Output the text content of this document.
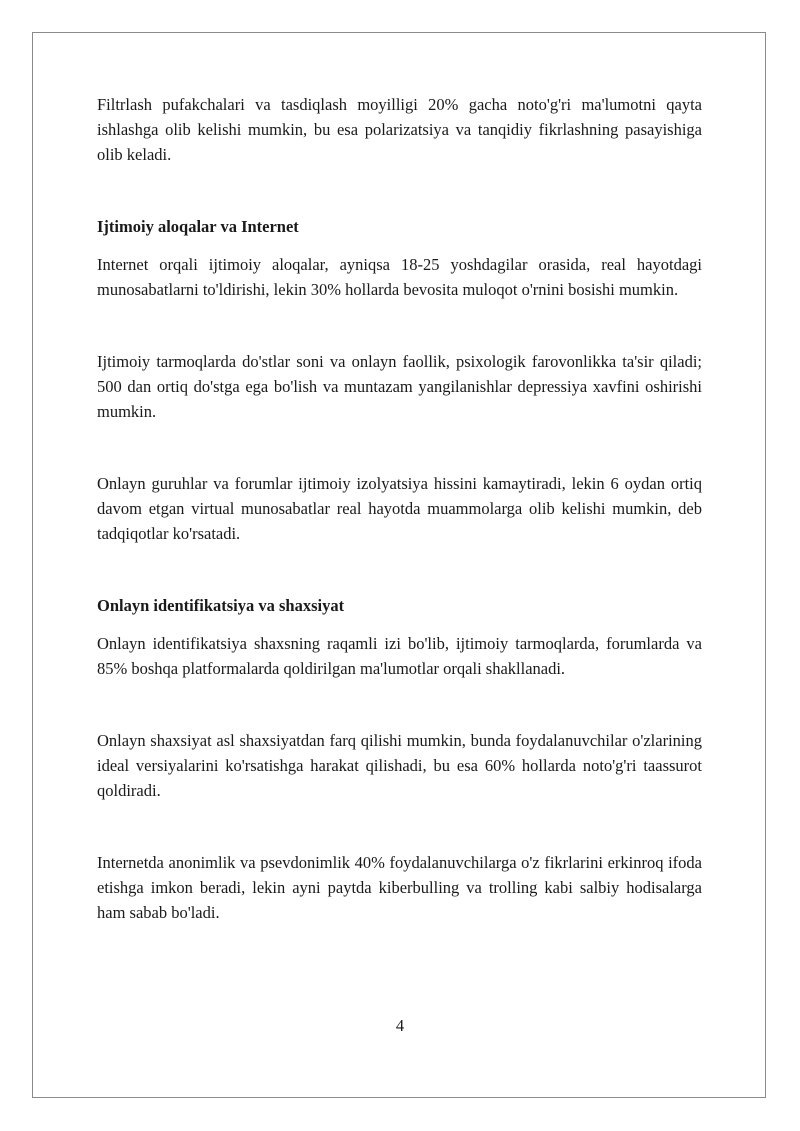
Filtrlash pufakchalari va tasdiqlash moyilligi 20% gacha noto'g'ri ma'lumotni qayta ishlashga olib kelishi mumkin, bu esa polarizatsiya va tanqidiy fikrlashning pasayishiga olib keladi.

Ijtimoiy aloqalar va Internet

Internet orqali ijtimoiy aloqalar, ayniqsa 18-25 yoshdagilar orasida, real hayotdagi munosabatlarni to'ldirishi, lekin 30% hollarda bevosita muloqot o'rnini bosishi mumkin.

Ijtimoiy tarmoqlarda do'stlar soni va onlayn faollik, psixologik farovonlikka ta'sir qiladi; 500 dan ortiq do'stga ega bo'lish va muntazam yangilanishlar depressiya xavfini oshirishi mumkin.

Onlayn guruhlar va forumlar ijtimoiy izolyatsiya hissini kamaytiradi, lekin 6 oydan ortiq davom etgan virtual munosabatlar real hayotda muammolarga olib kelishi mumkin, deb tadqiqotlar ko'rsatadi.

Onlayn identifikatsiya va shaxsiyat

Onlayn identifikatsiya shaxsning raqamli izi bo'lib, ijtimoiy tarmoqlarda, forumlarda va 85% boshqa platformalarda qoldirilgan ma'lumotlar orqali shakllanadi.

Onlayn shaxsiyat asl shaxsiyatdan farq qilishi mumkin, bunda foydalanuvchilar o'zlarining ideal versiyalarini ko'rsatishga harakat qilishadi, bu esa 60% hollarda noto'g'ri taassurot qoldiradi.

Internetda anonimlik va psevdonimlik 40% foydalanuvchilarga o'z fikrlarini erkinroq ifoda etishga imkon beradi, lekin ayni paytda kiberbulling va trolling kabi salbiy hodisalarga ham sabab bo'ladi.

4
